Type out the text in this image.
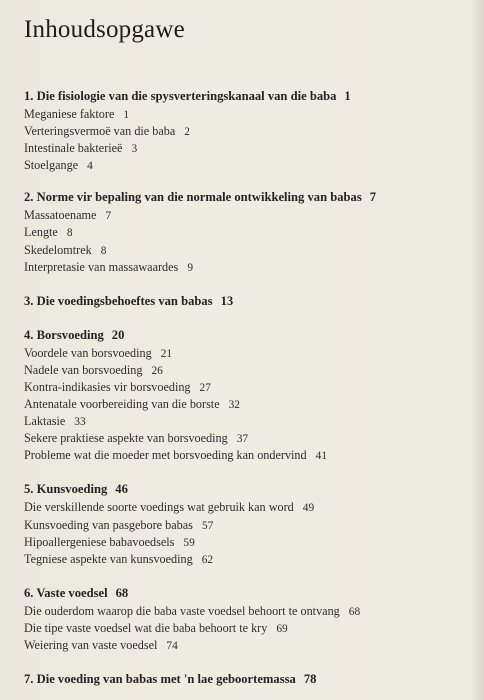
Inhoudsopgawe
1. Die fisiologie van die spysverteringskanaal van die baba 1
Meganiese faktore 1
Verteringsvermoë van die baba 2
Intestinale bakterieë 3
Stoelgange 4
2. Norme vir bepaling van die normale ontwikkeling van babas 7
Massatoename 7
Lengte 8
Skedelomtrek 8
Interpretasie van massawaardes 9
3. Die voedingsbehoeftes van babas 13
4. Borsvoeding 20
Voordele van borsvoeding 21
Nadele van borsvoeding 26
Kontra-indikasies vir borsvoeding 27
Antenatale voorbereiding van die borste 32
Laktasie 33
Sekere praktiese aspekte van borsvoeding 37
Probleme wat die moeder met borsvoeding kan ondervind 41
5. Kunsvoeding 46
Die verskillende soorte voedings wat gebruik kan word 49
Kunsvoeding van pasgebore babas 57
Hipoallergeniese babavoedsels 59
Tegniese aspekte van kunsvoeding 62
6. Vaste voedsel 68
Die ouderdom waarop die baba vaste voedsel behoort te ontvang 68
Die tipe vaste voedsel wat die baba behoort te kry 69
Weiering van vaste voedsel 74
7. Die voeding van babas met 'n lae geboortemassa 78
